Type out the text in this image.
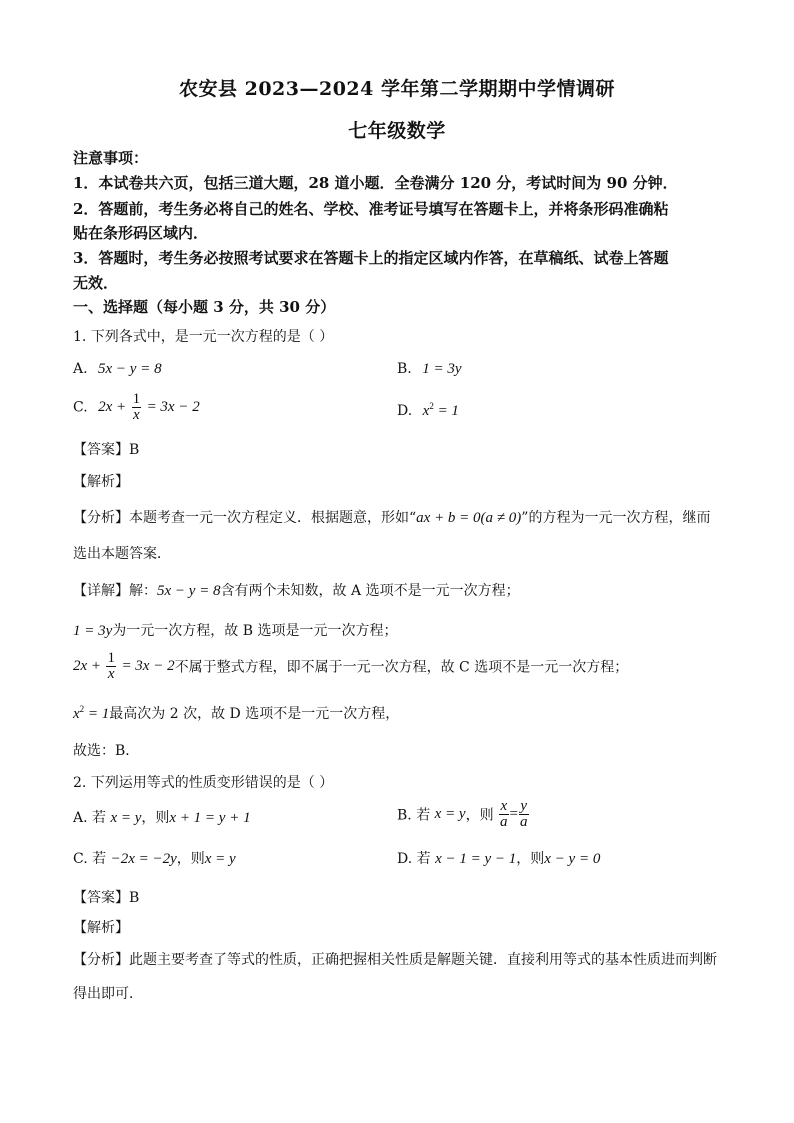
农安县 2023—2024 学年第二学期期中学情调研
七年级数学
注意事项：
1．本试卷共六页，包括三道大题，28 道小题．全卷满分 120 分，考试时间为 90 分钟．
2．答题前，考生务必将自己的姓名、学校、准考证号填写在答题卡上，并将条形码准确粘
贴在条形码区域内．
3．答题时，考生务必按照考试要求在答题卡上的指定区域内作答，在草稿纸、试卷上答题
无效．
一、选择题（每小题 3 分，共 30 分）
1. 下列各式中，是一元一次方程的是（ ）
A. 5x − y = 8	B. 1 = 3y
C. $2x + \frac{1}{x} = 3x - 2$	D. $x^2 = 1$
【答案】B
【解析】
【分析】本题考查一元一次方程定义．根据题意，形如“ax + b = 0(a ≠ 0)”的方程为一元一次方程，继而
选出本题答案．
【详解】解：5x − y = 8含有两个未知数，故 A 选项不是一元一次方程；
1 = 3y为一元一次方程，故 B 选项是一元一次方程；
$2x + \frac{1}{x} = 3x - 2$不属于整式方程，即不属于一元一次方程，故 C 选项不是一元一次方程；
$x^2 = 1$最高次为 2 次，故 D 选项不是一元一次方程，
故选：B．
2. 下列运用等式的性质变形错误的是（ ）
A. 若 x = y，则x + 1 = y + 1	B. 若 x = y，则 $\frac{x}{a} = \frac{y}{a}$
C. 若 −2x = −2y，则x = y	D. 若 x − 1 = y − 1，则x − y = 0
【答案】B
【解析】
【分析】此题主要考查了等式的性质，正确把握相关性质是解题关键．直接利用等式的基本性质进而判断
得出即可．
